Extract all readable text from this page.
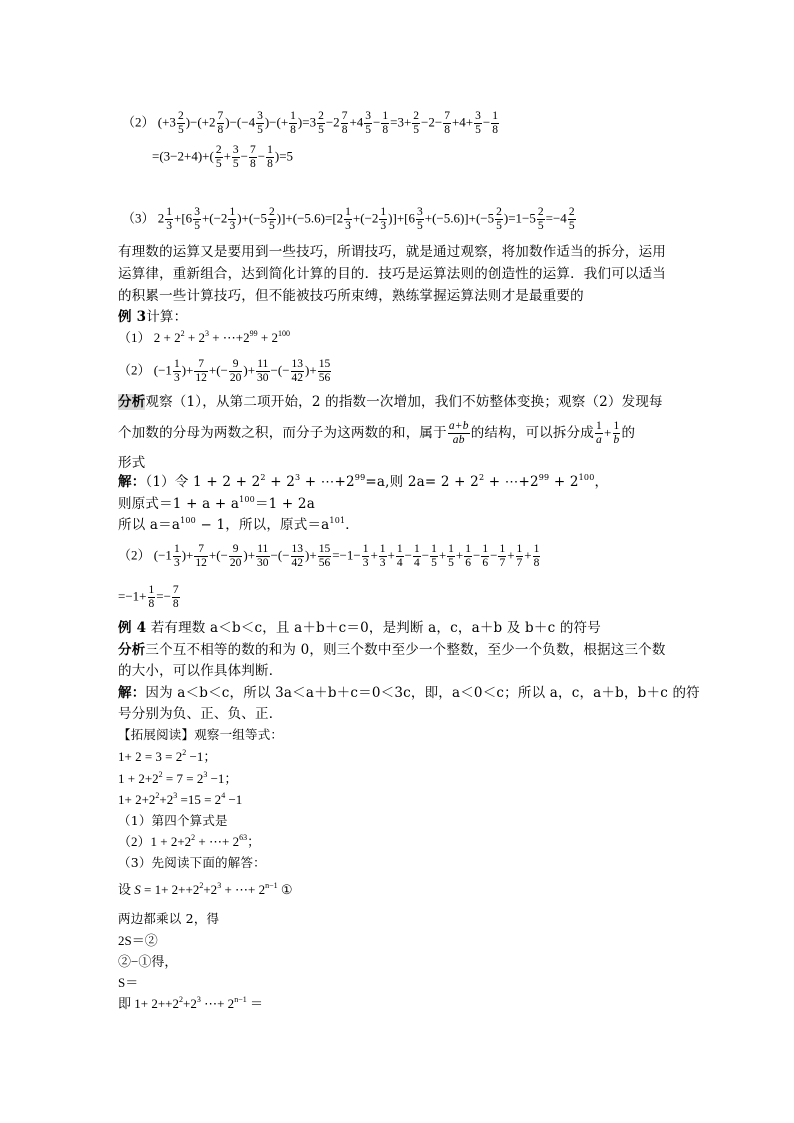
（2） $(+3 \frac{2}{5} )-(+2 \frac{7}{8} )-(-4 \frac{3}{5}$ )−(+ $\frac{1}{8} )=3 \frac{2}{5} -2 \frac{7}{8} +4 \frac{3}{5} - \frac{1}{8} =3+ \frac{2}{5} -2- \frac{7}{8} +4+ \frac{3}{5} - \frac{1}{8}$
$=(3-2+4)+( \frac{2}{5} + \frac{3}{5} - \frac{7}{8} - \frac{1}{8} )=5$
（3） $2 \frac{1}{3} +[6 \frac{3}{5} +(-2 \frac{1}{3} )+(-5 \frac{2}{5} )]+(-5.6)=[2 \frac{1}{3} +(-2 \frac{1}{3} )]+[6 \frac{3}{5} +(-5.6)]+(-5 \frac{2}{5} )=1-5 \frac{2}{5} =-4 \frac{2}{5}$
有理数的运算又是要用到一些技巧，所谓技巧，就是通过观察，将加数作适当的拆分，运用
运算律，重新组合，达到简化计算的目的．技巧是运算法则的创造性的运算．我们可以适当
的积累一些计算技巧，但不能被技巧所束缚，熟练掌握运算法则才是最重要的
例 3计算：
（1） $2 + 2^2 + 2^3$ + $\cdots+2^{99} + 2^{100}$
（2） ($-1 \frac{1}{3}$ )+ $\frac{7}{12}$ +(− $\frac{9}{20}$ )+ $\frac{11}{30}$ −(− $\frac{13}{42}$ )+ $\frac{15}{56}$
分析观察（1），从第二项开始，2 的指数一次增加，我们不妨整体变换；观察（2）发现每
个加数的分母为两数之积，而分子为这两数的和，属于 $\frac{a+b}{ab}$ 的结构，可以拆分成 $\frac{1}{a} + \frac{1}{b}$ 的
形式
解：（1）令 $1 + 2 + 2^2 + 2^3$ + $\cdots+2^{99}=a$,则 $2a= 2 + 2^2$ + $\cdots+2^{99} + 2^{100}$，
则原式$=1 + a + a^{100}=1 + 2a$
所以 $a=a^{100} - 1$，所以，原式$=a^{101}$．
（2） ($-1 \frac{1}{3}$ )+ $\frac{7}{12}$ +(− $\frac{9}{20}$ )+ $\frac{11}{30}$ −(− $\frac{13}{42}$ )+ $\frac{15}{56} =-1- \frac{1}{3} + \frac{1}{3} + \frac{1}{4} - \frac{1}{4} - \frac{1}{5} + \frac{1}{5} + \frac{1}{6} - \frac{1}{6} - \frac{1}{7} + \frac{1}{7} + \frac{1}{8}$
$=-1+ \frac{1}{8} =- \frac{7}{8}$
例 4 若有理数 a＜b＜c，且 a＋b＋c＝0，是判断 a，c，a＋b 及 b＋c 的符号
分析三个互不相等的数的和为 0，则三个数中至少一个整数，至少一个负数，根据这三个数
的大小，可以作具体判断．
解：因为 a＜b＜c，所以 3a＜a＋b＋c＝0＜3c，即，a＜0＜c；所以 a，c，a＋b，b＋c 的符
号分别为负、正、负、正．
【拓展阅读】观察一组等式：
$1+ 2 = 3 = 2^2 -1$；
$1 + 2+2^2 = 7 = 2^3 -1$；
$1+ 2+2^2+2^3 =15 = 2^4 -1$
（1）第四个算式是
$(2)1 + 2+2^2$ + ⋯+ $2^{63}$；
（3）先阅读下面的解答：
设 $S = 1+ 2++2^2+2^3$ + ⋯+ $2^{n-1}$ ①
两边都乘以 2，得
2S＝②
②−①得，
S＝
即 $1+ 2++2^2+2^3$ ⋯+ $2^{n-1}$ ＝
